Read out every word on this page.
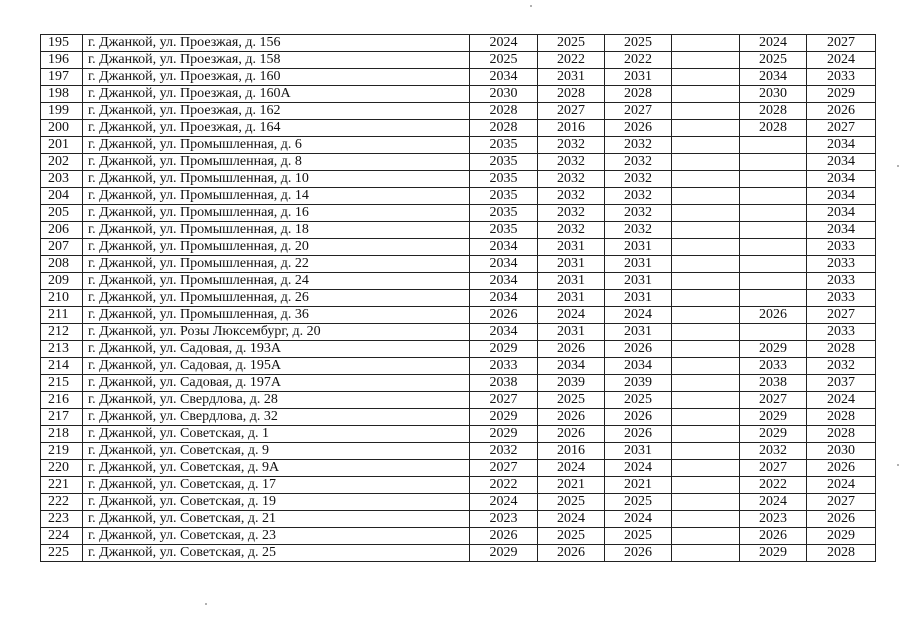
195	г. Джанкой, ул. Проезжая, д. 156	2024	2025	2025		2024	2027
196	г. Джанкой, ул. Проезжая, д. 158	2025	2022	2022		2025	2024
197	г. Джанкой, ул. Проезжая, д. 160	2034	2031	2031		2034	2033
198	г. Джанкой, ул. Проезжая, д. 160А	2030	2028	2028		2030	2029
199	г. Джанкой, ул. Проезжая, д. 162	2028	2027	2027		2028	2026
200	г. Джанкой, ул. Проезжая, д. 164	2028	2016	2026		2028	2027
201	г. Джанкой, ул. Промышленная, д. 6	2035	2032	2032			2034
202	г. Джанкой, ул. Промышленная, д. 8	2035	2032	2032			2034
203	г. Джанкой, ул. Промышленная, д. 10	2035	2032	2032			2034
204	г. Джанкой, ул. Промышленная, д. 14	2035	2032	2032			2034
205	г. Джанкой, ул. Промышленная, д. 16	2035	2032	2032			2034
206	г. Джанкой, ул. Промышленная, д. 18	2035	2032	2032			2034
207	г. Джанкой, ул. Промышленная, д. 20	2034	2031	2031			2033
208	г. Джанкой, ул. Промышленная, д. 22	2034	2031	2031			2033
209	г. Джанкой, ул. Промышленная, д. 24	2034	2031	2031			2033
210	г. Джанкой, ул. Промышленная, д. 26	2034	2031	2031			2033
211	г. Джанкой, ул. Промышленная, д. 36	2026	2024	2024		2026	2027
212	г. Джанкой, ул. Розы Люксембург, д. 20	2034	2031	2031			2033
213	г. Джанкой, ул. Садовая, д. 193А	2029	2026	2026		2029	2028
214	г. Джанкой, ул. Садовая, д. 195А	2033	2034	2034		2033	2032
215	г. Джанкой, ул. Садовая, д. 197А	2038	2039	2039		2038	2037
216	г. Джанкой, ул. Свердлова, д. 28	2027	2025	2025		2027	2024
217	г. Джанкой, ул. Свердлова, д. 32	2029	2026	2026		2029	2028
218	г. Джанкой, ул. Советская, д. 1	2029	2026	2026		2029	2028
219	г. Джанкой, ул. Советская, д. 9	2032	2016	2031		2032	2030
220	г. Джанкой, ул. Советская, д. 9А	2027	2024	2024		2027	2026
221	г. Джанкой, ул. Советская, д. 17	2022	2021	2021		2022	2024
222	г. Джанкой, ул. Советская, д. 19	2024	2025	2025		2024	2027
223	г. Джанкой, ул. Советская, д. 21	2023	2024	2024		2023	2026
224	г. Джанкой, ул. Советская, д. 23	2026	2025	2025		2026	2029
225	г. Джанкой, ул. Советская, д. 25	2029	2026	2026		2029	2028
